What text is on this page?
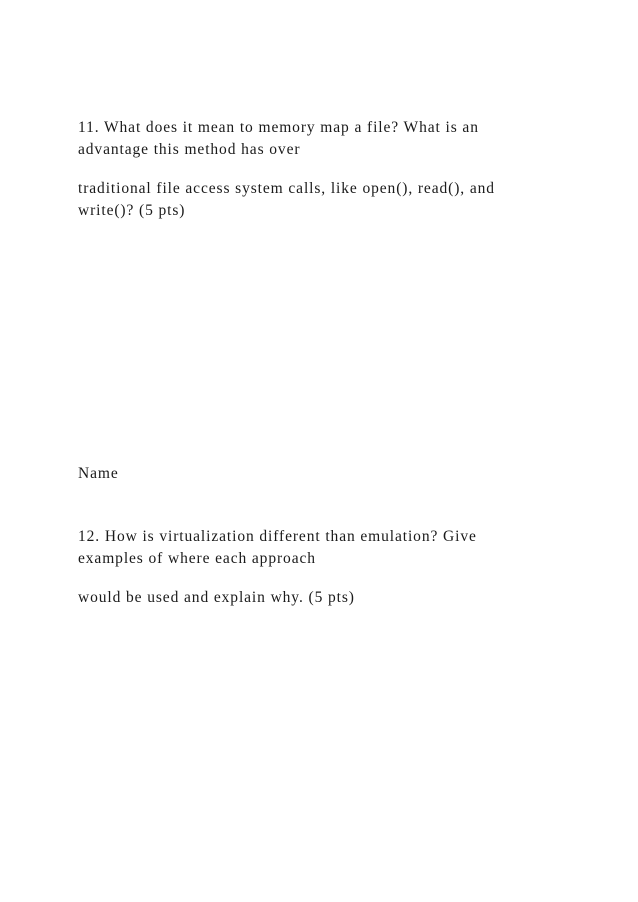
11. What does it mean to memory map a file? What is an

advantage this method has over

traditional file access system calls, like open(), read(), and

write()? (5 pts)

Name

12. How is virtualization different than emulation? Give

examples of where each approach

would be used and explain why. (5 pts)
